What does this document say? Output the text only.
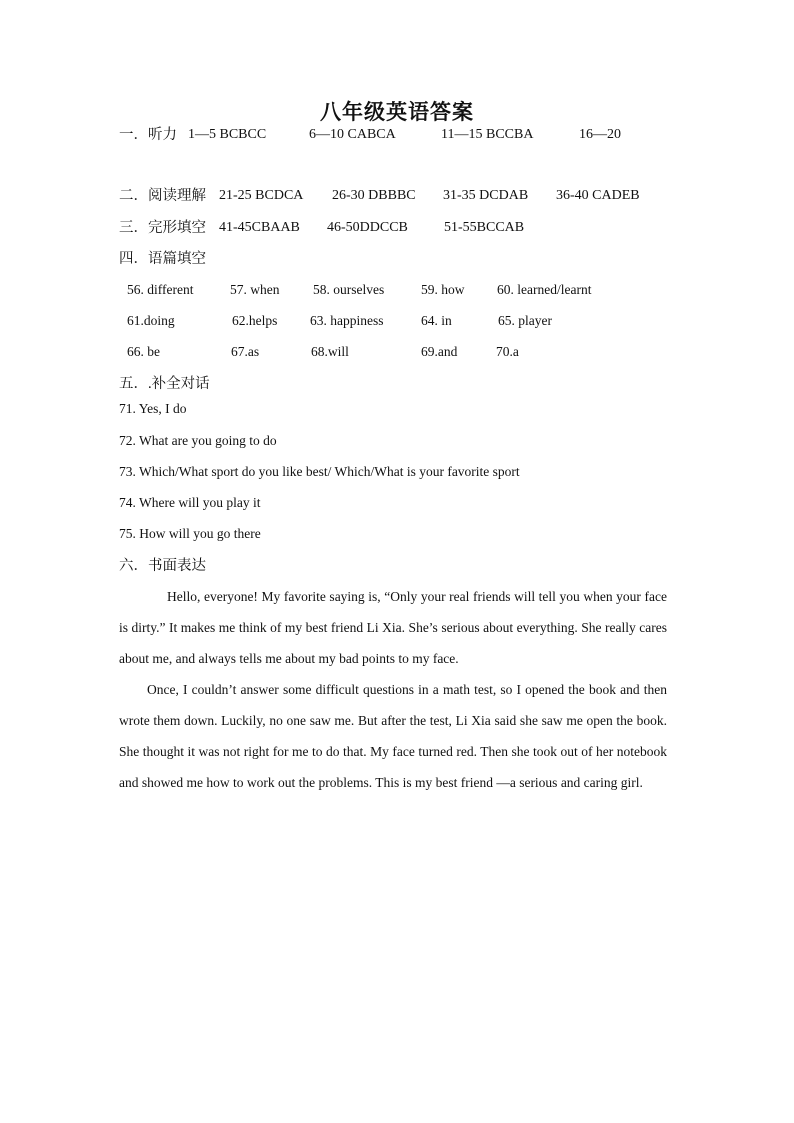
八年级英语答案
一．听力 1—5 BCBCC	6—10 CABCA	11—15 BCCBA	16—20
二．阅读理解 21-25 BCDCA 26-30 DBBBC 31-35 DCDAB 36-40 CADEB
三．完形填空 41-45CBAAB 46-50DDCCB	51-55BCCAB
四．语篇填空
56. different	57. when 58. ourselves	59. how 60. learned/learnt
61.doing	62.helps 63. happiness	64. in	65. player
66. be	67.as	68.will	69.and	70.a
五．.补全对话
71. Yes, I do
72. What are you going to do
73. Which/What sport do you like best/ Which/What is your favorite sport
74. Where will you play it
75. How will you go there
六．书面表达

Hello, everyone! My favorite saying is, “Only your real friends will tell you when your face is dirty.” It makes me think of my best friend Li Xia. She’s serious about everything. She really cares about me, and always tells me about my bad points to my face.

Once, I couldn’t answer some difficult questions in a math test, so I opened the book and then wrote them down. Luckily, no one saw me. But after the test, Li Xia said she saw me open the book. She thought it was not right for me to do that. My face turned red. Then she took out of her notebook and showed me how to work out the problems. This is my best friend —a serious and caring girl.
